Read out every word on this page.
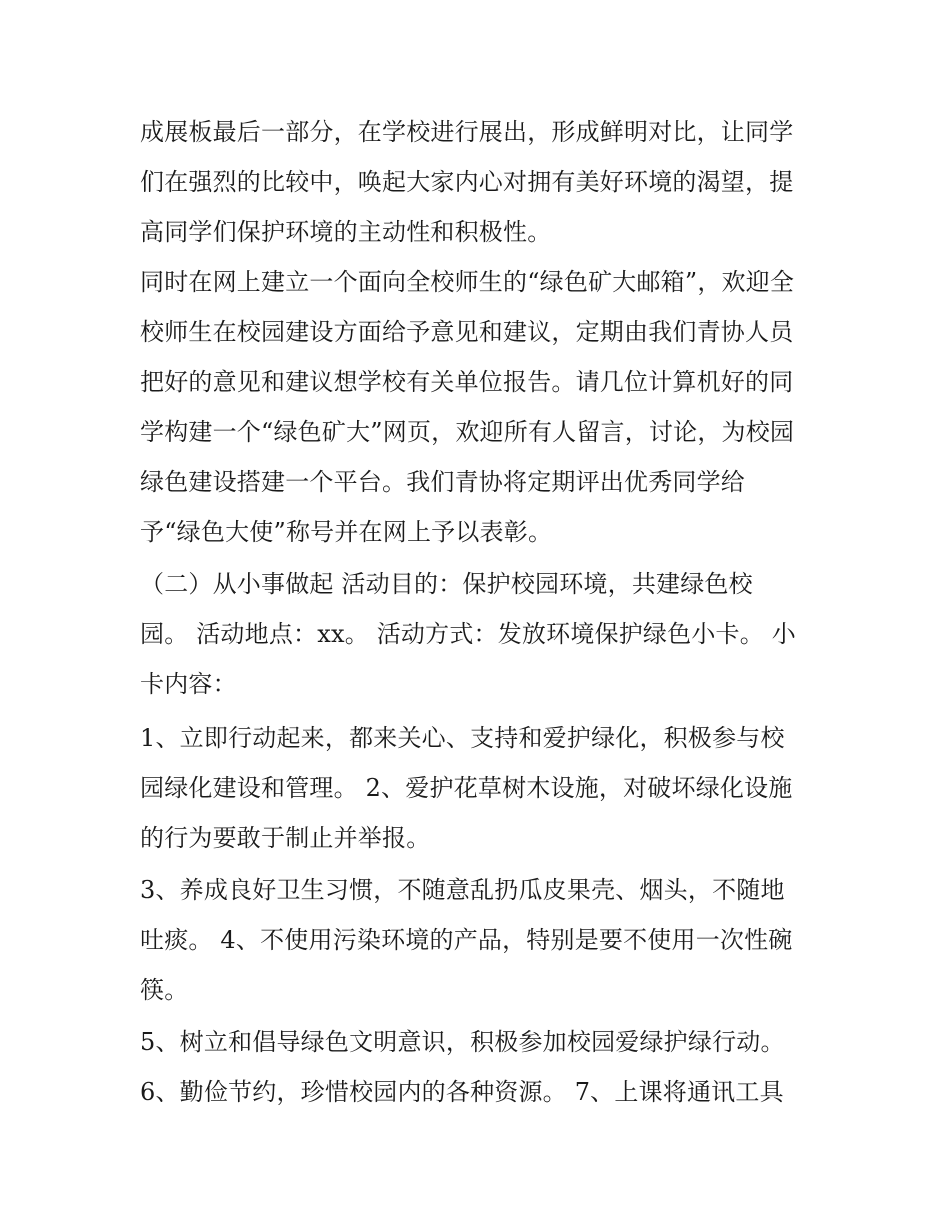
成展板最后一部分，在学校进行展出，形成鲜明对比，让同学
们在强烈的比较中，唤起大家内心对拥有美好环境的渴望，提
高同学们保护环境的主动性和积极性。
同时在网上建立一个面向全校师生的“绿色矿大邮箱”，欢迎全
校师生在校园建设方面给予意见和建议，定期由我们青协人员
把好的意见和建议想学校有关单位报告。请几位计算机好的同
学构建一个“绿色矿大”网页，欢迎所有人留言，讨论，为校园
绿色建设搭建一个平台。我们青协将定期评出优秀同学给
予“绿色大使”称号并在网上予以表彰。
（二）从小事做起 活动目的：保护校园环境，共建绿色校
园。 活动地点：xx。 活动方式：发放环境保护绿色小卡。 小
卡内容：
1、立即行动起来，都来关心、支持和爱护绿化，积极参与校
园绿化建设和管理。 2、爱护花草树木设施，对破坏绿化设施
的行为要敢于制止并举报。
3、养成良好卫生习惯，不随意乱扔瓜皮果壳、烟头，不随地
吐痰。 4、不使用污染环境的产品，特别是要不使用一次性碗
筷。
5、树立和倡导绿色文明意识，积极参加校园爱绿护绿行动。
6、勤俭节约，珍惜校园内的各种资源。 7、上课将通讯工具
